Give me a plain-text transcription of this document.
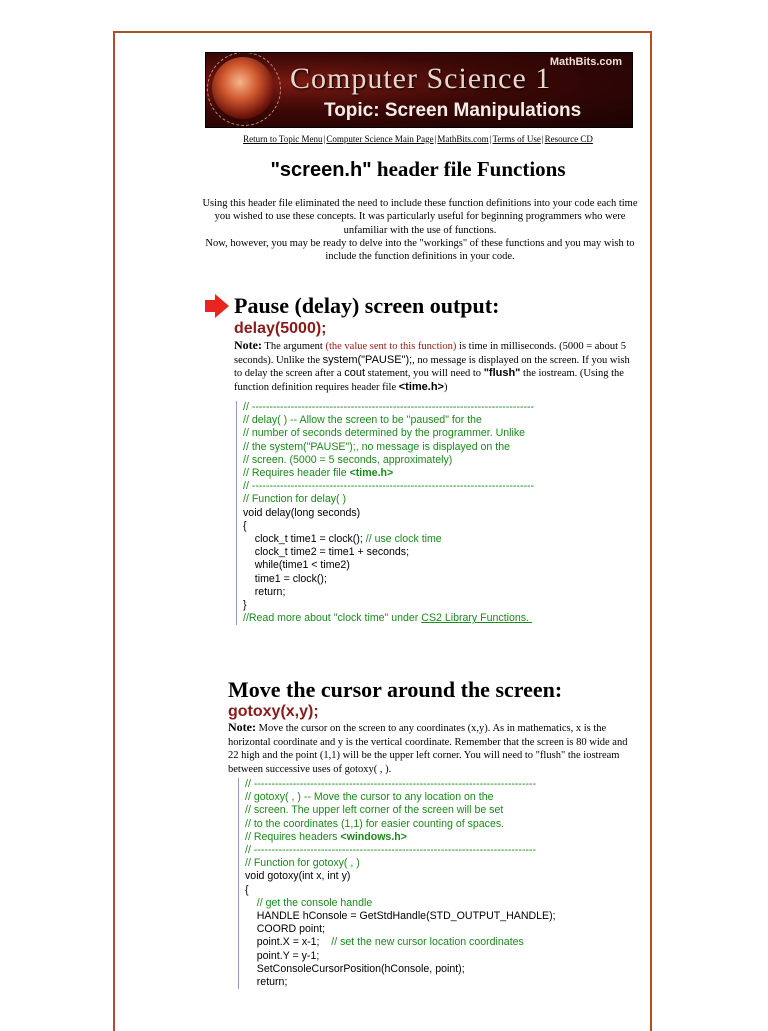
MathBits.com
Computer Science 1
Topic: Screen Manipulations
Return to Topic Menu|Computer Science Main Page|MathBits.com|Terms of Use|Resource CD
"screen.h" header file Functions
Using this header file eliminated the need to include these function definitions into your code each time you wished to use these concepts. It was particularly useful for beginning programmers who were unfamiliar with the use of functions.
Now, however, you may be ready to delve into the "workings" of these functions and you may wish to include the function definitions in your code.
Pause (delay) screen output:
delay(5000);
Note: The argument (the value sent to this function) is time in milliseconds. (5000 = about 5 seconds). Unlike the system("PAUSE");, no message is displayed on the screen. If you wish to delay the screen after a cout statement, you will need to "flush" the iostream. (Using the function definition requires header file <time.h>)
// --------------------------------------------------------------------------------
// delay( ) -- Allow the screen to be "paused" for the
// number of seconds determined by the programmer. Unlike
// the system("PAUSE");, no message is displayed on the
// screen. (5000 = 5 seconds, approximately)
// Requires header file <time.h>
// --------------------------------------------------------------------------------
// Function for delay( )
void delay(long seconds)
{
clock_t time1 = clock(); // use clock time
clock_t time2 = time1 + seconds;
while(time1 < time2)
time1 = clock();
return;
}
//Read more about "clock time" under CS2 Library Functions.
Move the cursor around the screen:
gotoxy(x,y);
Note: Move the cursor on the screen to any coordinates (x,y). As in mathematics, x is the horizontal coordinate and y is the vertical coordinate. Remember that the screen is 80 wide and 22 high and the point (1,1) will be the upper left corner. You will need to "flush" the iostream between successive uses of gotoxy( , ).
// --------------------------------------------------------------------------------
// gotoxy( , ) -- Move the cursor to any location on the
// screen. The upper left corner of the screen will be set
// to the coordinates (1,1) for easier counting of spaces.
// Requires headers <windows.h>
// --------------------------------------------------------------------------------
// Function for gotoxy( , )
void gotoxy(int x, int y)
{
// get the console handle
HANDLE hConsole = GetStdHandle(STD_OUTPUT_HANDLE);
COORD point;
point.X = x-1;    // set the new cursor location coordinates
point.Y = y-1;
SetConsoleCursorPosition(hConsole, point);
return;
